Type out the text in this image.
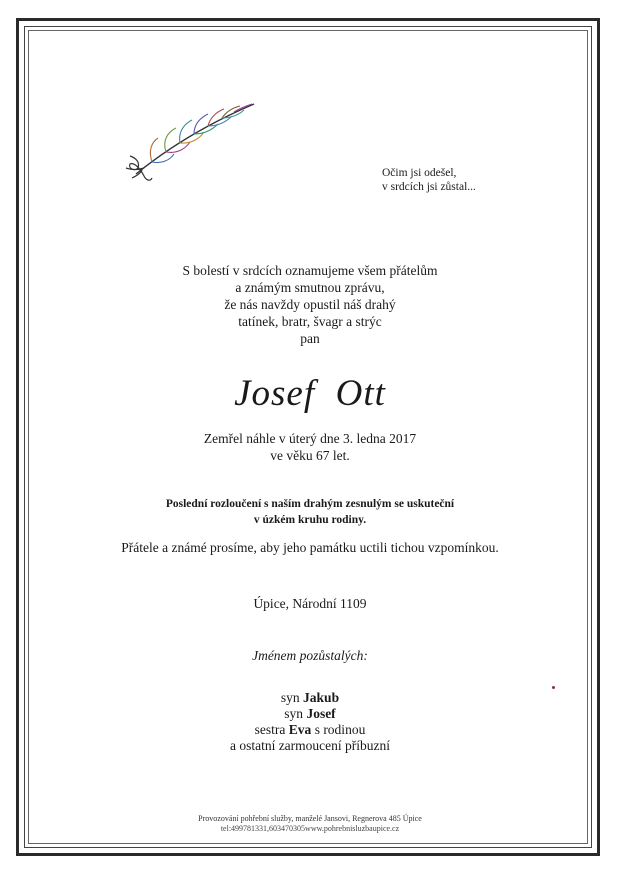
Očim jsi odešel,
v srdcích jsi zůstal...
S bolestí v srdcích oznamujeme všem přátelům
a známým smutnou zprávu,
že nás navždy opustil náš drahý
tatínek, bratr, švagr a strýc
pan
Josef  Ott
Zemřel náhle v úterý dne 3. ledna 2017
ve věku 67 let.
Poslední rozloučení s naším drahým zesnulým se uskuteční
v úzkém kruhu rodiny.
Přátele a známé prosíme, aby jeho památku uctili tichou vzpomínkou.
Úpice, Národní 1109
Jménem pozůstalých:
syn Jakub
syn Josef
sestra Eva s rodinou
a ostatní zarmoucení příbuzní
Provozování pohřební služby, manželé Jansovi, Regnerova 485 Úpice
tel:499781331,603470305www.pohrebnisluzbaupice.cz
